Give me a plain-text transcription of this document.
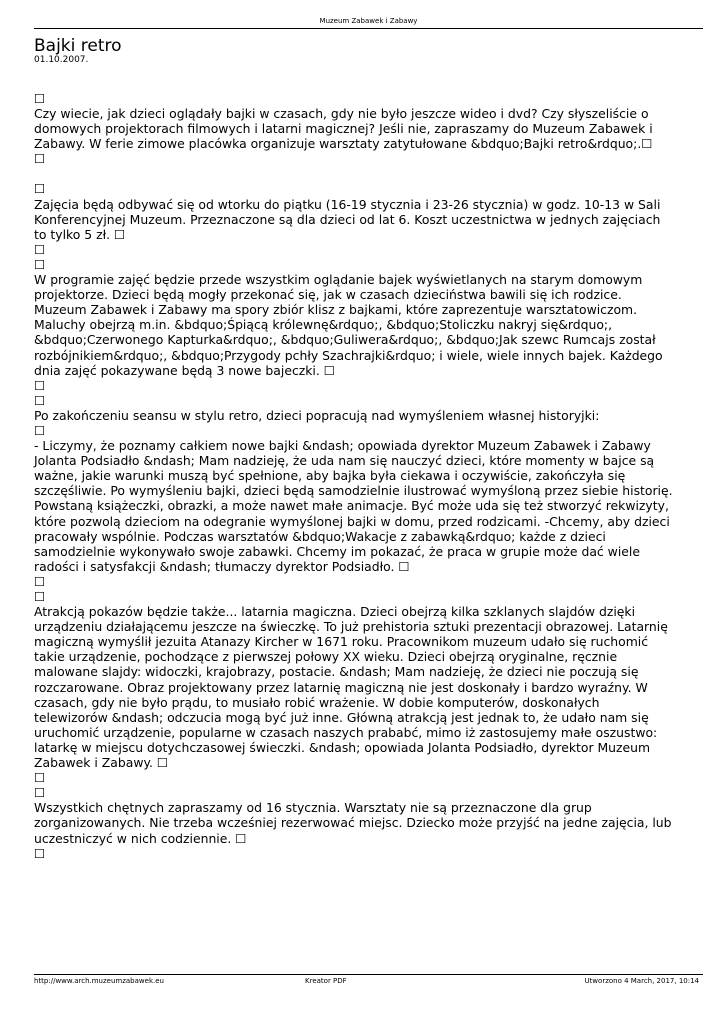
Muzeum Zabawek i Zabawy
Bajki retro
01.10.2007.

☐
Czy wiecie, jak dzieci oglądały bajki w czasach, gdy nie było jeszcze wideo i dvd? Czy słyszeliście o domowych projektorach filmowych i latarni magicznej? Jeśli nie, zapraszamy do Muzeum Zabawek i Zabawy. W ferie zimowe placówka organizuje warsztaty zatytułowane &bdquo;Bajki retro&rdquo;.☐
☐

☐
Zajęcia będą odbywać się od wtorku do piątku (16-19 stycznia i 23-26 stycznia) w godz. 10-13 w Sali Konferencyjnej Muzeum. Przeznaczone są dla dzieci od lat 6. Koszt uczestnictwa w jednych zajęciach to tylko 5 zł. ☐
☐
☐
W programie zajęć będzie przede wszystkim oglądanie bajek wyświetlanych na starym domowym projektorze. Dzieci będą mogły przekonać się, jak w czasach dzieciństwa bawili się ich rodzice. Muzeum Zabawek i Zabawy ma spory zbiór klisz z bajkami, które zaprezentuje warsztatowiczom. Maluchy obejrzą m.in. &bdquo;Śpiącą królewnę&rdquo;, &bdquo;Stoliczku nakryj się&rdquo;, &bdquo;Czerwonego Kapturka&rdquo;, &bdquo;Guliwera&rdquo;, &bdquo;Jak szewc Rumcajs został rozbójnikiem&rdquo;, &bdquo;Przygody pchły Szachrajki&rdquo; i wiele, wiele innych bajek. Każdego dnia zajęć pokazywane będą 3 nowe bajeczki. ☐
☐
☐
Po zakończeniu seansu w stylu retro, dzieci popracują nad wymyśleniem własnej historyjki:
☐
- Liczymy, że poznamy całkiem nowe bajki &ndash; opowiada dyrektor Muzeum Zabawek i Zabawy Jolanta Podsiadło &ndash; Mam nadzieję, że uda nam się nauczyć dzieci, które momenty w bajce są ważne, jakie warunki muszą być spełnione, aby bajka była ciekawa i oczywiście, zakończyła się szczęśliwie. Po wymyśleniu bajki, dzieci będą samodzielnie ilustrować wymyśloną przez siebie historię. Powstaną książeczki, obrazki, a może nawet małe animacje. Być może uda się też stworzyć rekwizyty, które pozwolą dzieciom na odegranie wymyślonej bajki w domu, przed rodzicami. -Chcemy, aby dzieci pracowały wspólnie. Podczas warsztatów &bdquo;Wakacje z zabawką&rdquo; każde z dzieci samodzielnie wykonywało swoje zabawki. Chcemy im pokazać, że praca w grupie może dać wiele radości i satysfakcji &ndash; tłumaczy dyrektor Podsiadło. ☐
☐
☐
Atrakcją pokazów będzie także... latarnia magiczna. Dzieci obejrzą kilka szklanych slajdów dzięki urządzeniu działającemu jeszcze na świeczkę. To już prehistoria sztuki prezentacji obrazowej. Latarnię magiczną wymyślił jezuita Atanazy Kircher w 1671 roku. Pracownikom muzeum udało się ruchomić takie urządzenie, pochodzące z pierwszej połowy XX wieku. Dzieci obejrzą oryginalne, ręcznie malowane slajdy: widoczki, krajobrazy, postacie. &ndash; Mam nadzieję, że dzieci nie poczują się rozczarowane. Obraz projektowany przez latarnię magiczną nie jest doskonały i bardzo wyraźny. W czasach, gdy nie było prądu, to musiało robić wrażenie. W dobie komputerów, doskonałych telewizorów &ndash; odczucia mogą być już inne. Główną atrakcją jest jednak to, że udało nam się uruchomić urządzenie, popularne w czasach naszych prababć, mimo iż zastosujemy małe oszustwo: latarkę w miejscu dotychczasowej świeczki. &ndash; opowiada Jolanta Podsiadło, dyrektor Muzeum Zabawek i Zabawy. ☐
☐
☐
Wszystkich chętnych zapraszamy od 16 stycznia. Warsztaty nie są przeznaczone dla grup zorganizowanych. Nie trzeba wcześniej rezerwować miejsc. Dziecko może przyjść na jedne zajęcia, lub uczestniczyć w nich codziennie. ☐
☐

http://www.arch.muzeumzabawek.eu	Kreator PDF	Utworzono 4 March, 2017, 10:14
